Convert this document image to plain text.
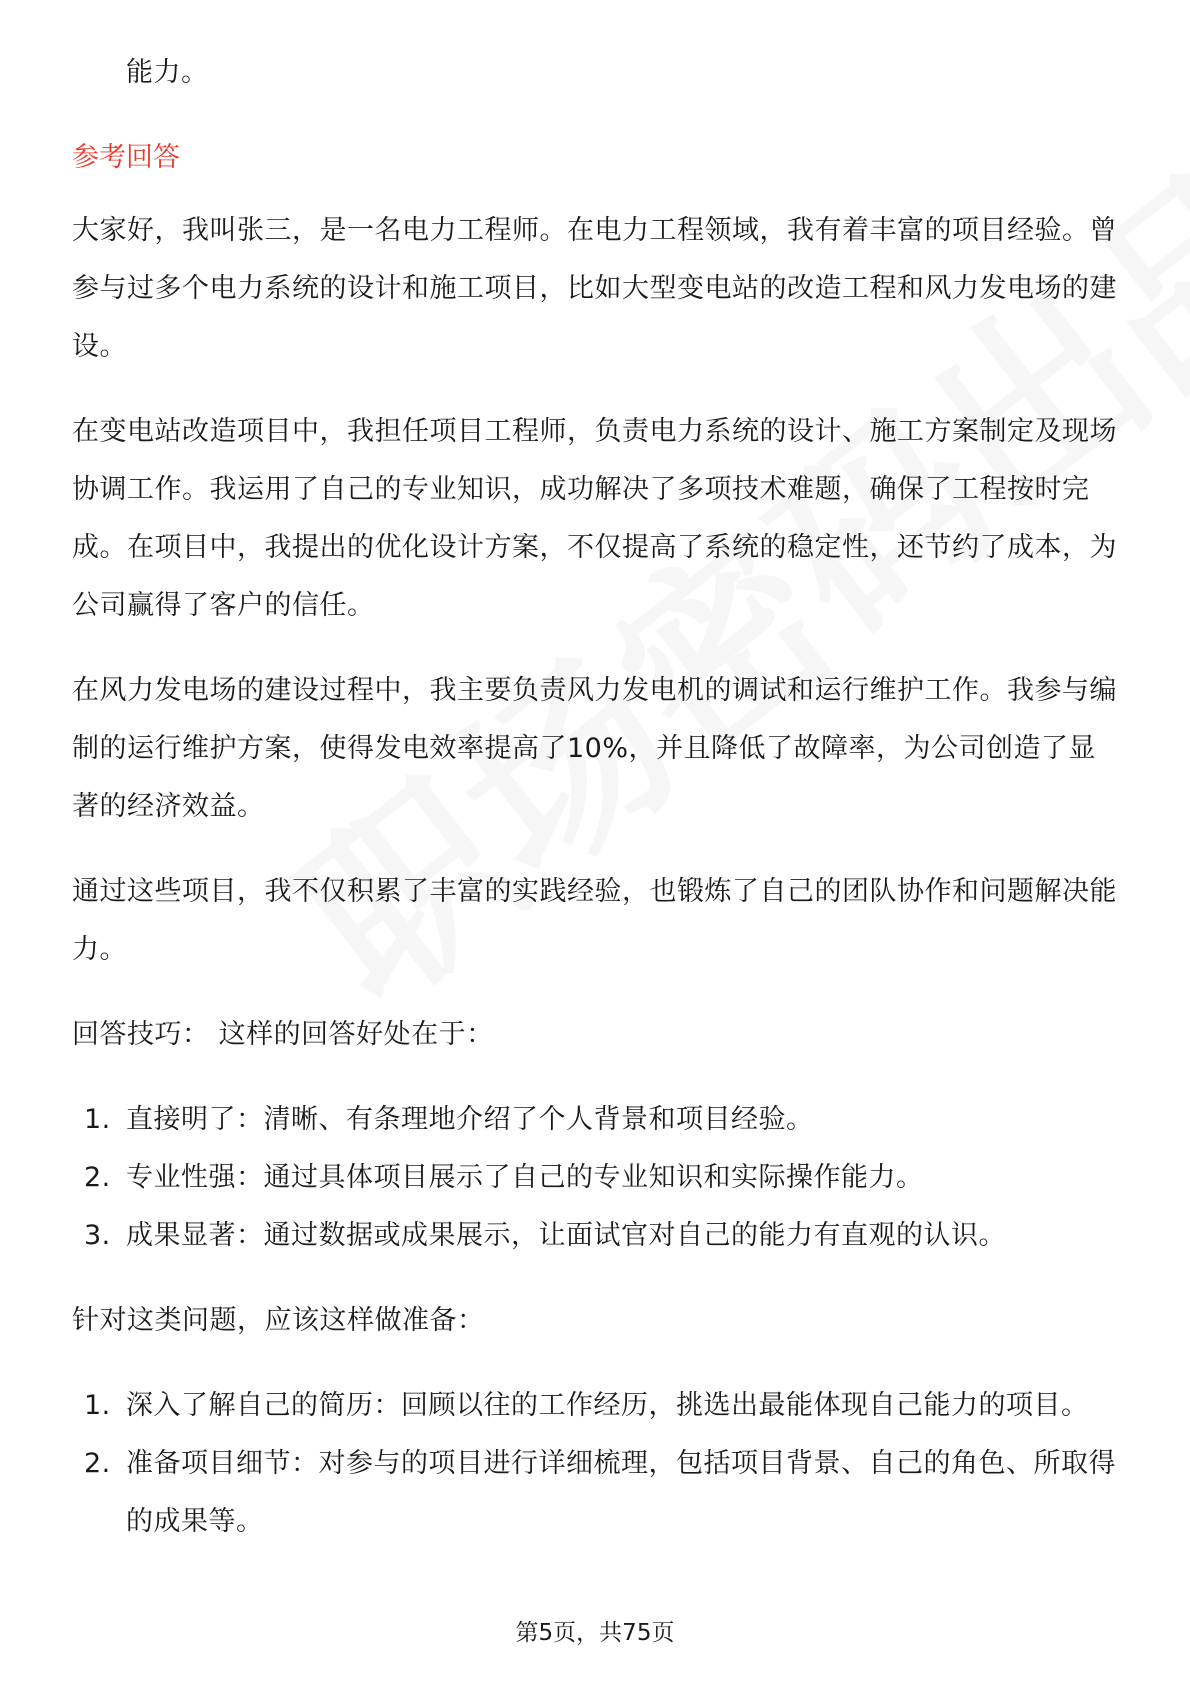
能力。

参考回答

大家好，我叫张三，是一名电力工程师。在电力工程领域，我有着丰富的项目经验。曾参与过多个电力系统的设计和施工项目，比如大型变电站的改造工程和风力发电场的建设。

在变电站改造项目中，我担任项目工程师，负责电力系统的设计、施工方案制定及现场协调工作。我运用了自己的专业知识，成功解决了多项技术难题，确保了工程按时完成。在项目中，我提出的优化设计方案，不仅提高了系统的稳定性，还节约了成本，为公司赢得了客户的信任。

在风力发电场的建设过程中，我主要负责风力发电机的调试和运行维护工作。我参与编制的运行维护方案，使得发电效率提高了10%，并且降低了故障率，为公司创造了显著的经济效益。

通过这些项目，我不仅积累了丰富的实践经验，也锻炼了自己的团队协作和问题解决能力。

回答技巧： 这样的回答好处在于：

1. 直接明了：清晰、有条理地介绍了个人背景和项目经验。
2. 专业性强：通过具体项目展示了自己的专业知识和实际操作能力。
3. 成果显著：通过数据或成果展示，让面试官对自己的能力有直观的认识。

针对这类问题，应该这样做准备：

1. 深入了解自己的简历：回顾以往的工作经历，挑选出最能体现自己能力的项目。
2. 准备项目细节：对参与的项目进行详细梳理，包括项目背景、自己的角色、所取得的成果等。
第5页，共75页
